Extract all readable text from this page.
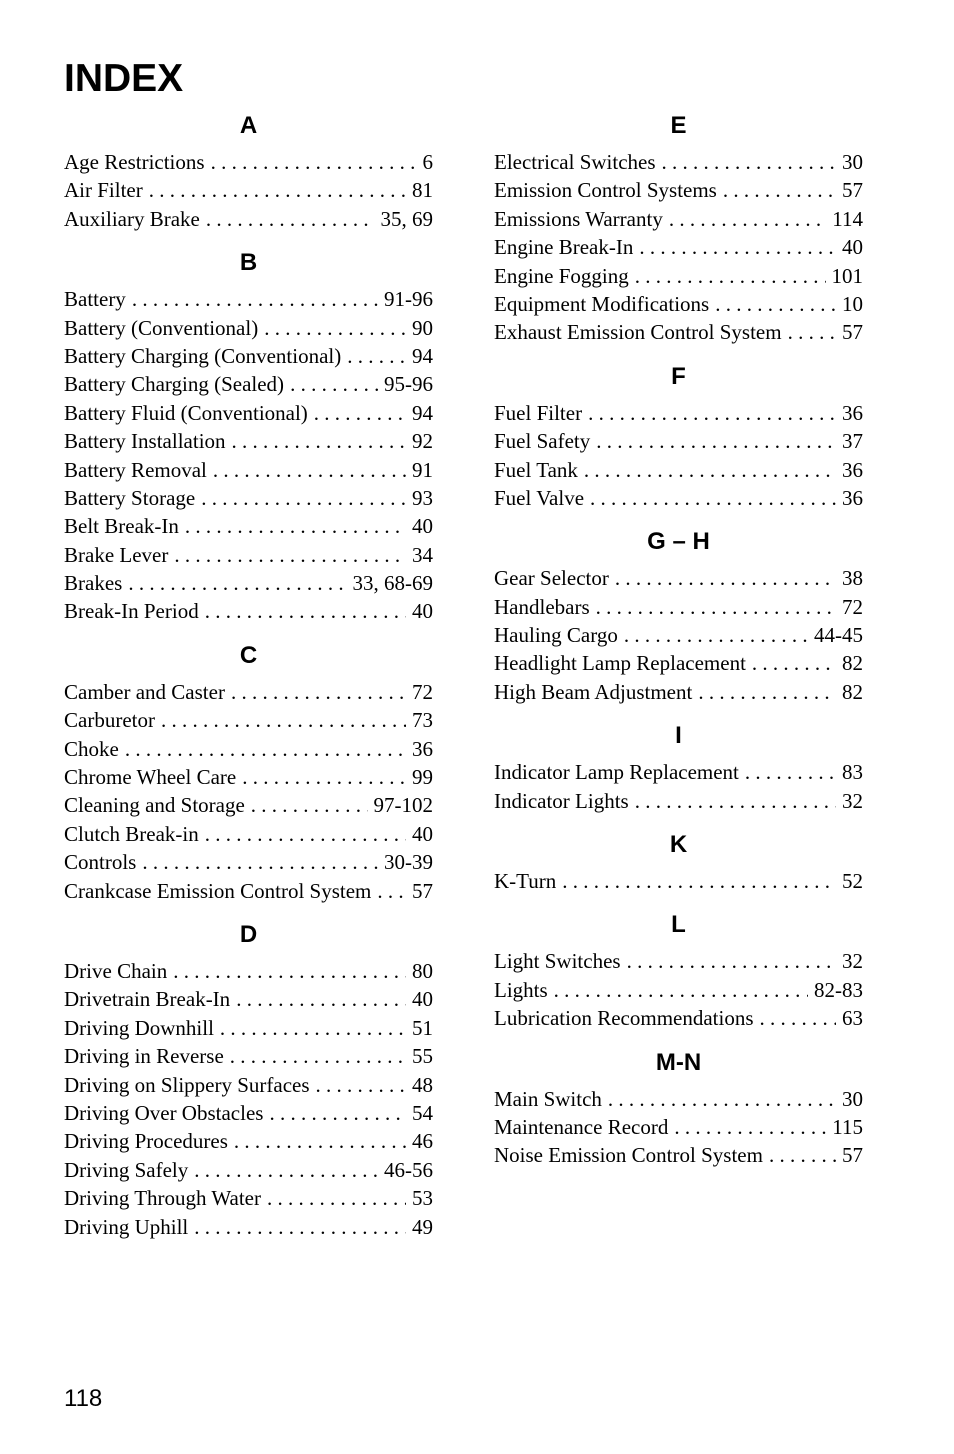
INDEX
A
Age Restrictions . . .	6
Air Filter . . .	81
Auxiliary Brake . . .	35, 69
B
Battery . . .	91-96
Battery (Conventional) . . .	90
Battery Charging (Conventional) . . .	94
Battery Charging (Sealed) . . .	95-96
Battery Fluid (Conventional) . . .	94
Battery Installation . . .	92
Battery Removal . . .	91
Battery Storage . . .	93
Belt Break-In . . .	40
Brake Lever . . .	34
Brakes . . .	33, 68-69
Break-In Period . . .	40
C
Camber and Caster . . .	72
Carburetor . . .	73
Choke . . .	36
Chrome Wheel Care . . .	99
Cleaning and Storage . . .	97-102
Clutch Break-in . . .	40
Controls . . .	30-39
Crankcase Emission Control System . . . 57
D
Drive Chain . . .	80
Drivetrain Break-In . . .	40
Driving Downhill . . .	51
Driving in Reverse . . .	55
Driving on Slippery Surfaces . . .	48
Driving Over Obstacles . . .	54
Driving Procedures . . .	46
Driving Safely . . .	46-56
Driving Through Water . . .	53
Driving Uphill . . .	49
E
Electrical Switches . . .	30
Emission Control Systems . . .	57
Emissions Warranty . . .	114
Engine Break-In . . .	40
Engine Fogging . . .	101
Equipment Modifications . . .	10
Exhaust Emission Control System . . .	57
F
Fuel Filter . . .	36
Fuel Safety . . .	37
Fuel Tank . . .	36
Fuel Valve . . .	36
G – H
Gear Selector . . .	38
Handlebars . . .	72
Hauling Cargo . . .	44-45
Headlight Lamp Replacement . . .	82
High Beam Adjustment . . .	82
I
Indicator Lamp Replacement . . .	83
Indicator Lights . . .	32
K
K-Turn . . .	52
L
Light Switches . . .	32
Lights . . .	82-83
Lubrication Recommendations . . .	63
M-N
Main Switch . . .	30
Maintenance Record . . .	115
Noise Emission Control System . . .	57
118
